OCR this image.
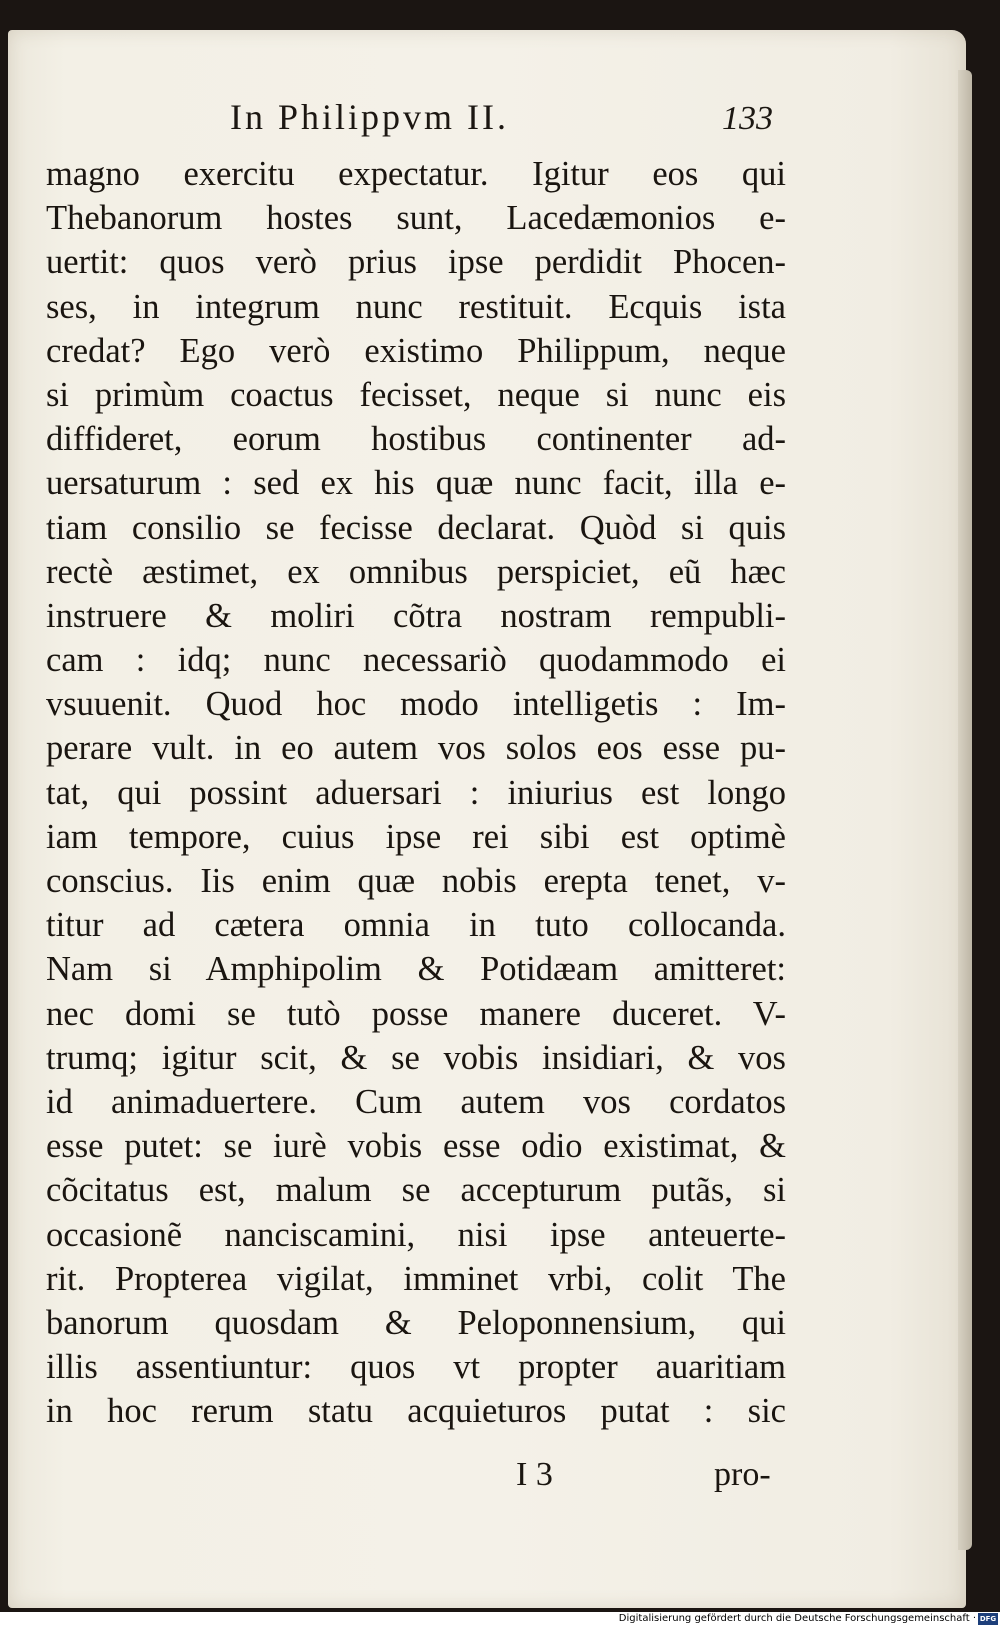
In Philippvm II.	133
magno exercitu expectatur. Igitur eos qui
Thebanorum hostes sunt, Lacedæmonios e-
uertit: quos verò prius ipse perdidit Phocen-
ses, in integrum nunc restituit. Ecquis ista
credat? Ego verò existimo Philippum, neque
si primùm coactus fecisset, neque si nunc eis
diffideret, eorum hostibus continenter ad-
uersaturum : sed ex his quæ nunc facit, illa e-
tiam consilio se fecisse declarat. Quòd si quis
rectè æstimet, ex omnibus perspiciet, eũ hæc
instruere & moliri cõtra nostram rempubli-
cam : idq; nunc necessariò quodammodo ei
vsuuenit. Quod hoc modo intelligetis : Im-
perare vult. in eo autem vos solos eos esse pu-
tat, qui possint aduersari : iniurius est longo
iam tempore, cuius ipse rei sibi est optimè
conscius. Iis enim quæ nobis erepta tenet, v-
titur ad cætera omnia in tuto collocanda.
Nam si Amphipolim & Potidæam amitteret:
nec domi se tutò posse manere duceret. V-
trumq; igitur scit, & se vobis insidiari, & vos
id animaduertere. Cum autem vos cordatos
esse putet: se iurè vobis esse odio existimat, &
cõcitatus est, malum se accepturum putãs, si
occasionẽ nanciscamini, nisi ipse anteuerte-
rit. Propterea vigilat, imminet vrbi, colit The
banorum quosdam & Peloponnensium, qui
illis assentiuntur: quos vt propter auaritiam
in hoc rerum statu acquieturos putat : sic
I 3	pro-
Digitalisierung gefördert durch die Deutsche Forschungsgemeinschaft · DFG
